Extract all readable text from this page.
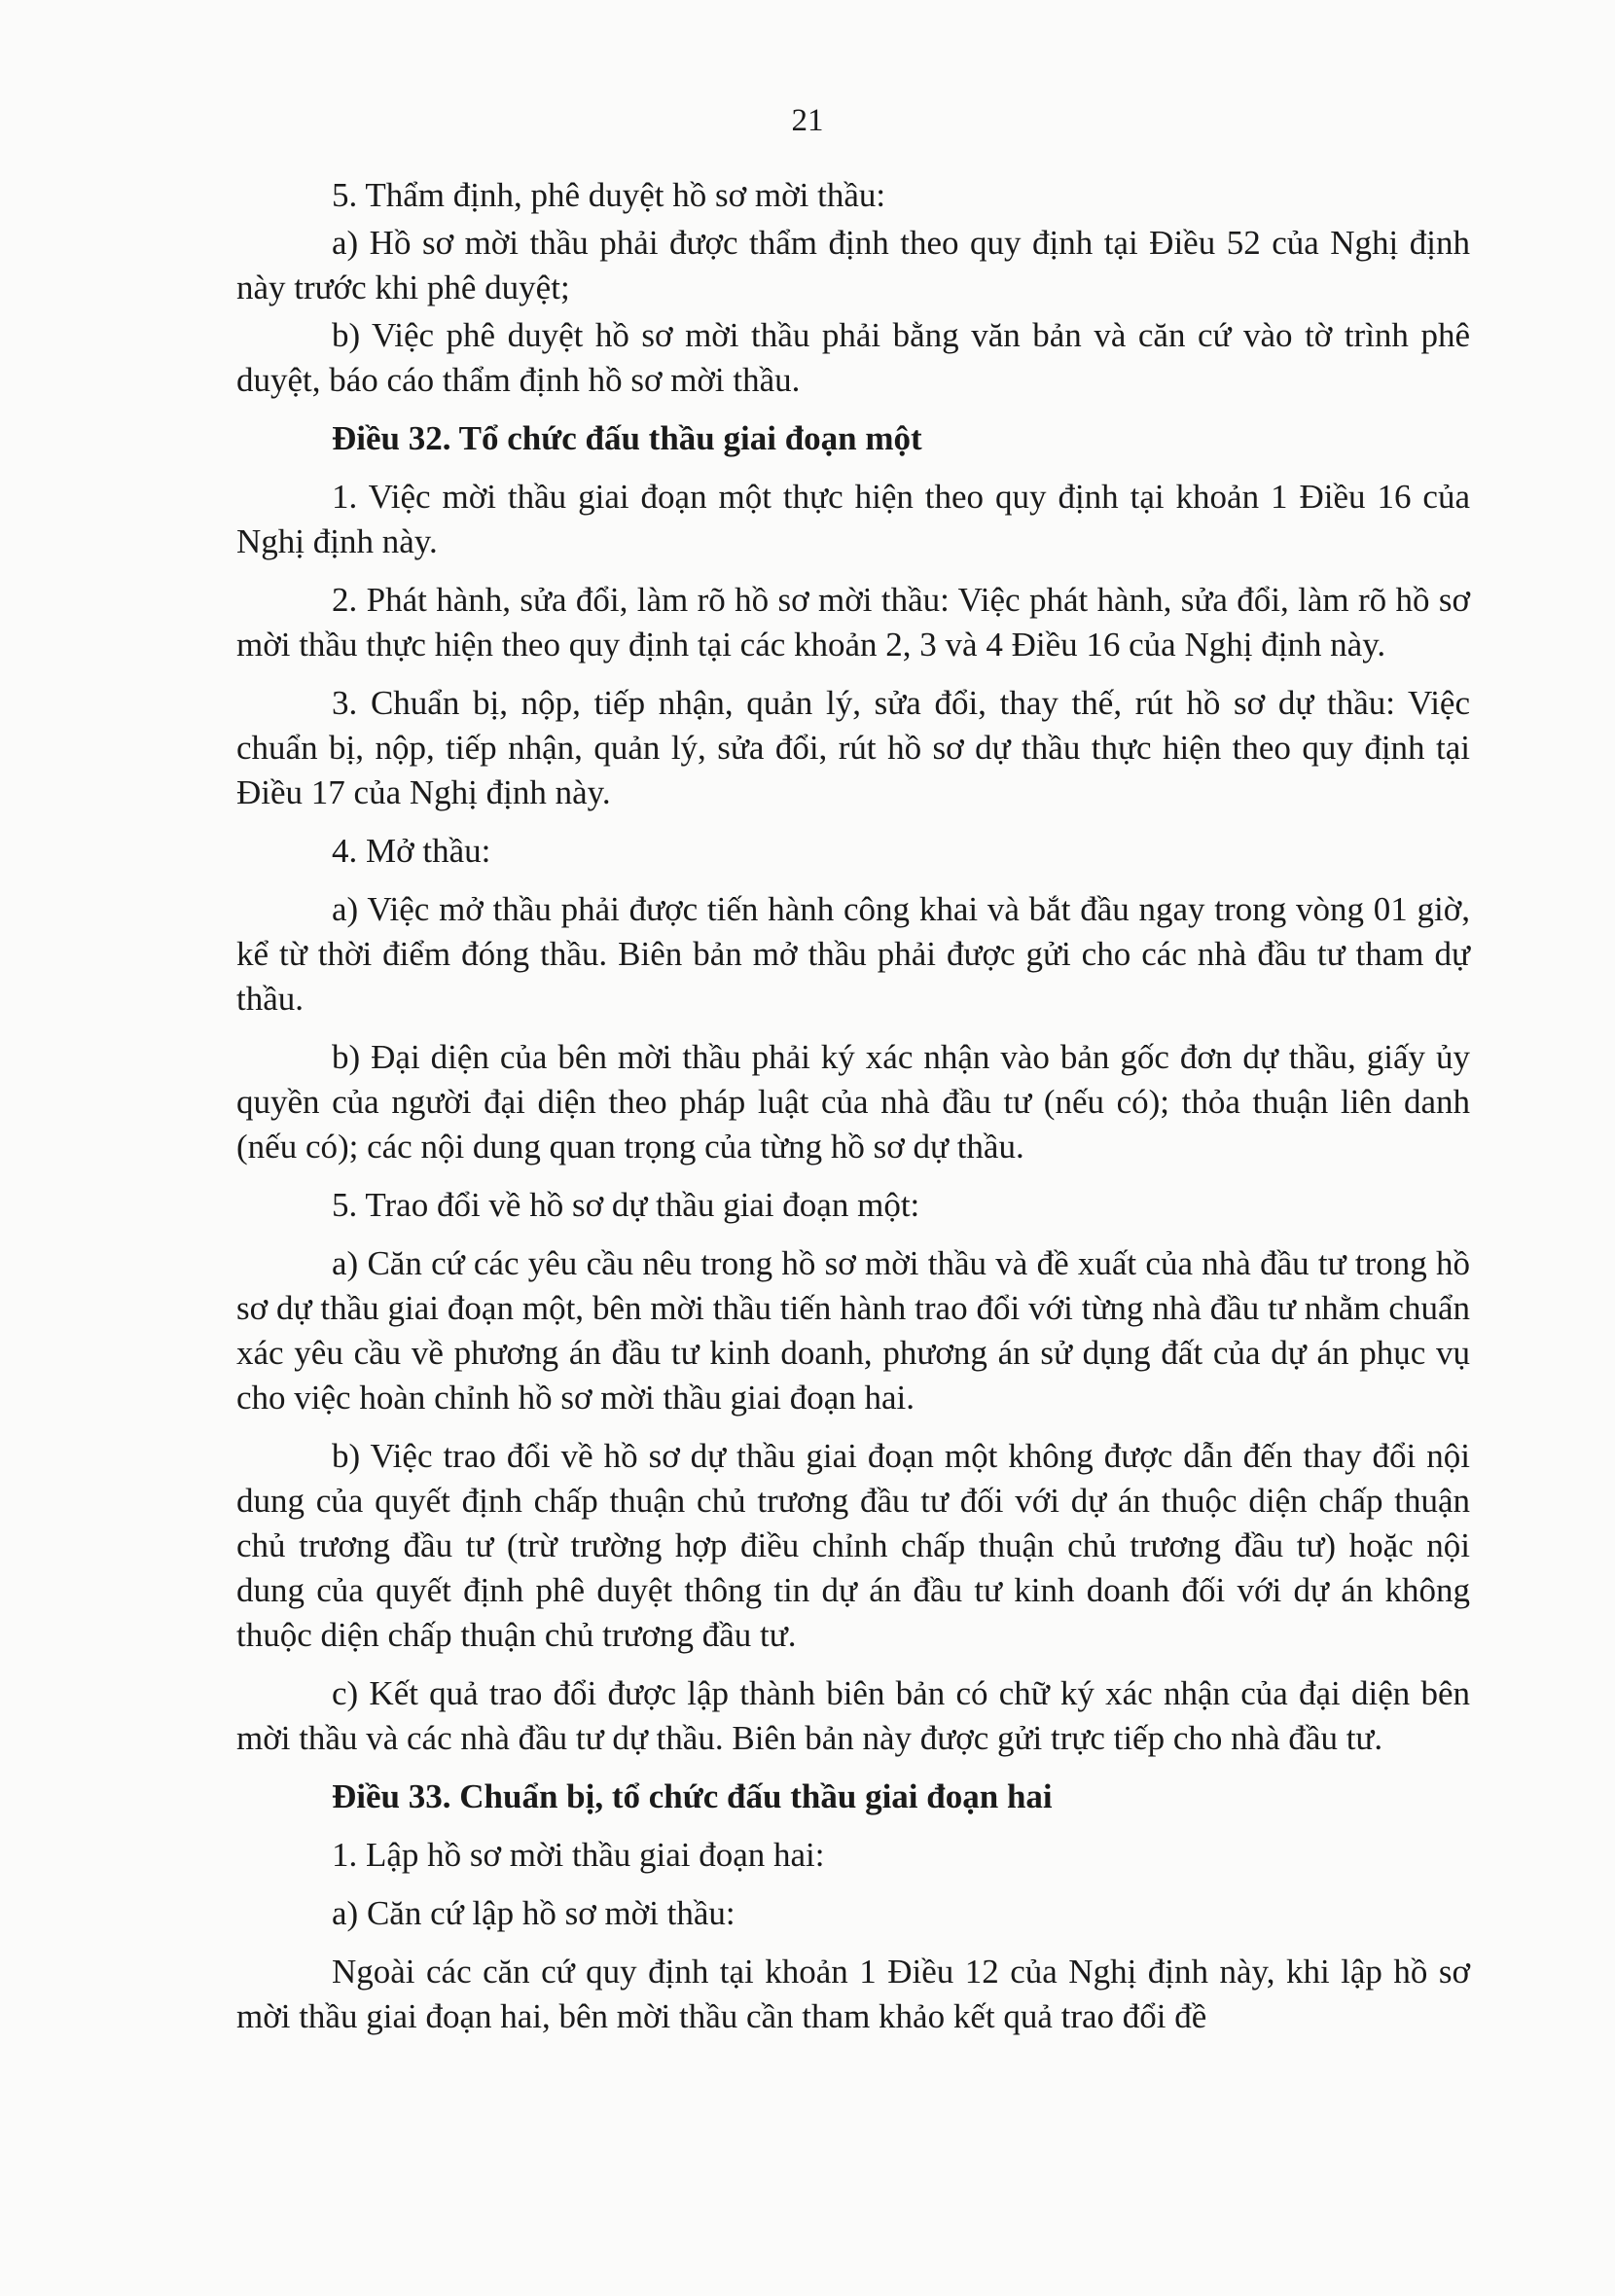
21

5. Thẩm định, phê duyệt hồ sơ mời thầu:

a) Hồ sơ mời thầu phải được thẩm định theo quy định tại Điều 52 của Nghị định này trước khi phê duyệt;

b) Việc phê duyệt hồ sơ mời thầu phải bằng văn bản và căn cứ vào tờ trình phê duyệt, báo cáo thẩm định hồ sơ mời thầu.

Điều 32. Tổ chức đấu thầu giai đoạn một

1. Việc mời thầu giai đoạn một thực hiện theo quy định tại khoản 1 Điều 16 của Nghị định này.

2. Phát hành, sửa đổi, làm rõ hồ sơ mời thầu: Việc phát hành, sửa đổi, làm rõ hồ sơ mời thầu thực hiện theo quy định tại các khoản 2, 3 và 4 Điều 16 của Nghị định này.

3. Chuẩn bị, nộp, tiếp nhận, quản lý, sửa đổi, thay thế, rút hồ sơ dự thầu: Việc chuẩn bị, nộp, tiếp nhận, quản lý, sửa đổi, rút hồ sơ dự thầu thực hiện theo quy định tại Điều 17 của Nghị định này.

4. Mở thầu:

a) Việc mở thầu phải được tiến hành công khai và bắt đầu ngay trong vòng 01 giờ, kể từ thời điểm đóng thầu. Biên bản mở thầu phải được gửi cho các nhà đầu tư tham dự thầu.

b) Đại diện của bên mời thầu phải ký xác nhận vào bản gốc đơn dự thầu, giấy ủy quyền của người đại diện theo pháp luật của nhà đầu tư (nếu có); thỏa thuận liên danh (nếu có); các nội dung quan trọng của từng hồ sơ dự thầu.

5. Trao đổi về hồ sơ dự thầu giai đoạn một:

a) Căn cứ các yêu cầu nêu trong hồ sơ mời thầu và đề xuất của nhà đầu tư trong hồ sơ dự thầu giai đoạn một, bên mời thầu tiến hành trao đổi với từng nhà đầu tư nhằm chuẩn xác yêu cầu về phương án đầu tư kinh doanh, phương án sử dụng đất của dự án phục vụ cho việc hoàn chỉnh hồ sơ mời thầu giai đoạn hai.

b) Việc trao đổi về hồ sơ dự thầu giai đoạn một không được dẫn đến thay đổi nội dung của quyết định chấp thuận chủ trương đầu tư đối với dự án thuộc diện chấp thuận chủ trương đầu tư (trừ trường hợp điều chỉnh chấp thuận chủ trương đầu tư) hoặc nội dung của quyết định phê duyệt thông tin dự án đầu tư kinh doanh đối với dự án không thuộc diện chấp thuận chủ trương đầu tư.

c) Kết quả trao đổi được lập thành biên bản có chữ ký xác nhận của đại diện bên mời thầu và các nhà đầu tư dự thầu. Biên bản này được gửi trực tiếp cho nhà đầu tư.

Điều 33. Chuẩn bị, tổ chức đấu thầu giai đoạn hai

1. Lập hồ sơ mời thầu giai đoạn hai:

a) Căn cứ lập hồ sơ mời thầu:

Ngoài các căn cứ quy định tại khoản 1 Điều 12 của Nghị định này, khi lập hồ sơ mời thầu giai đoạn hai, bên mời thầu cần tham khảo kết quả trao đổi đề
